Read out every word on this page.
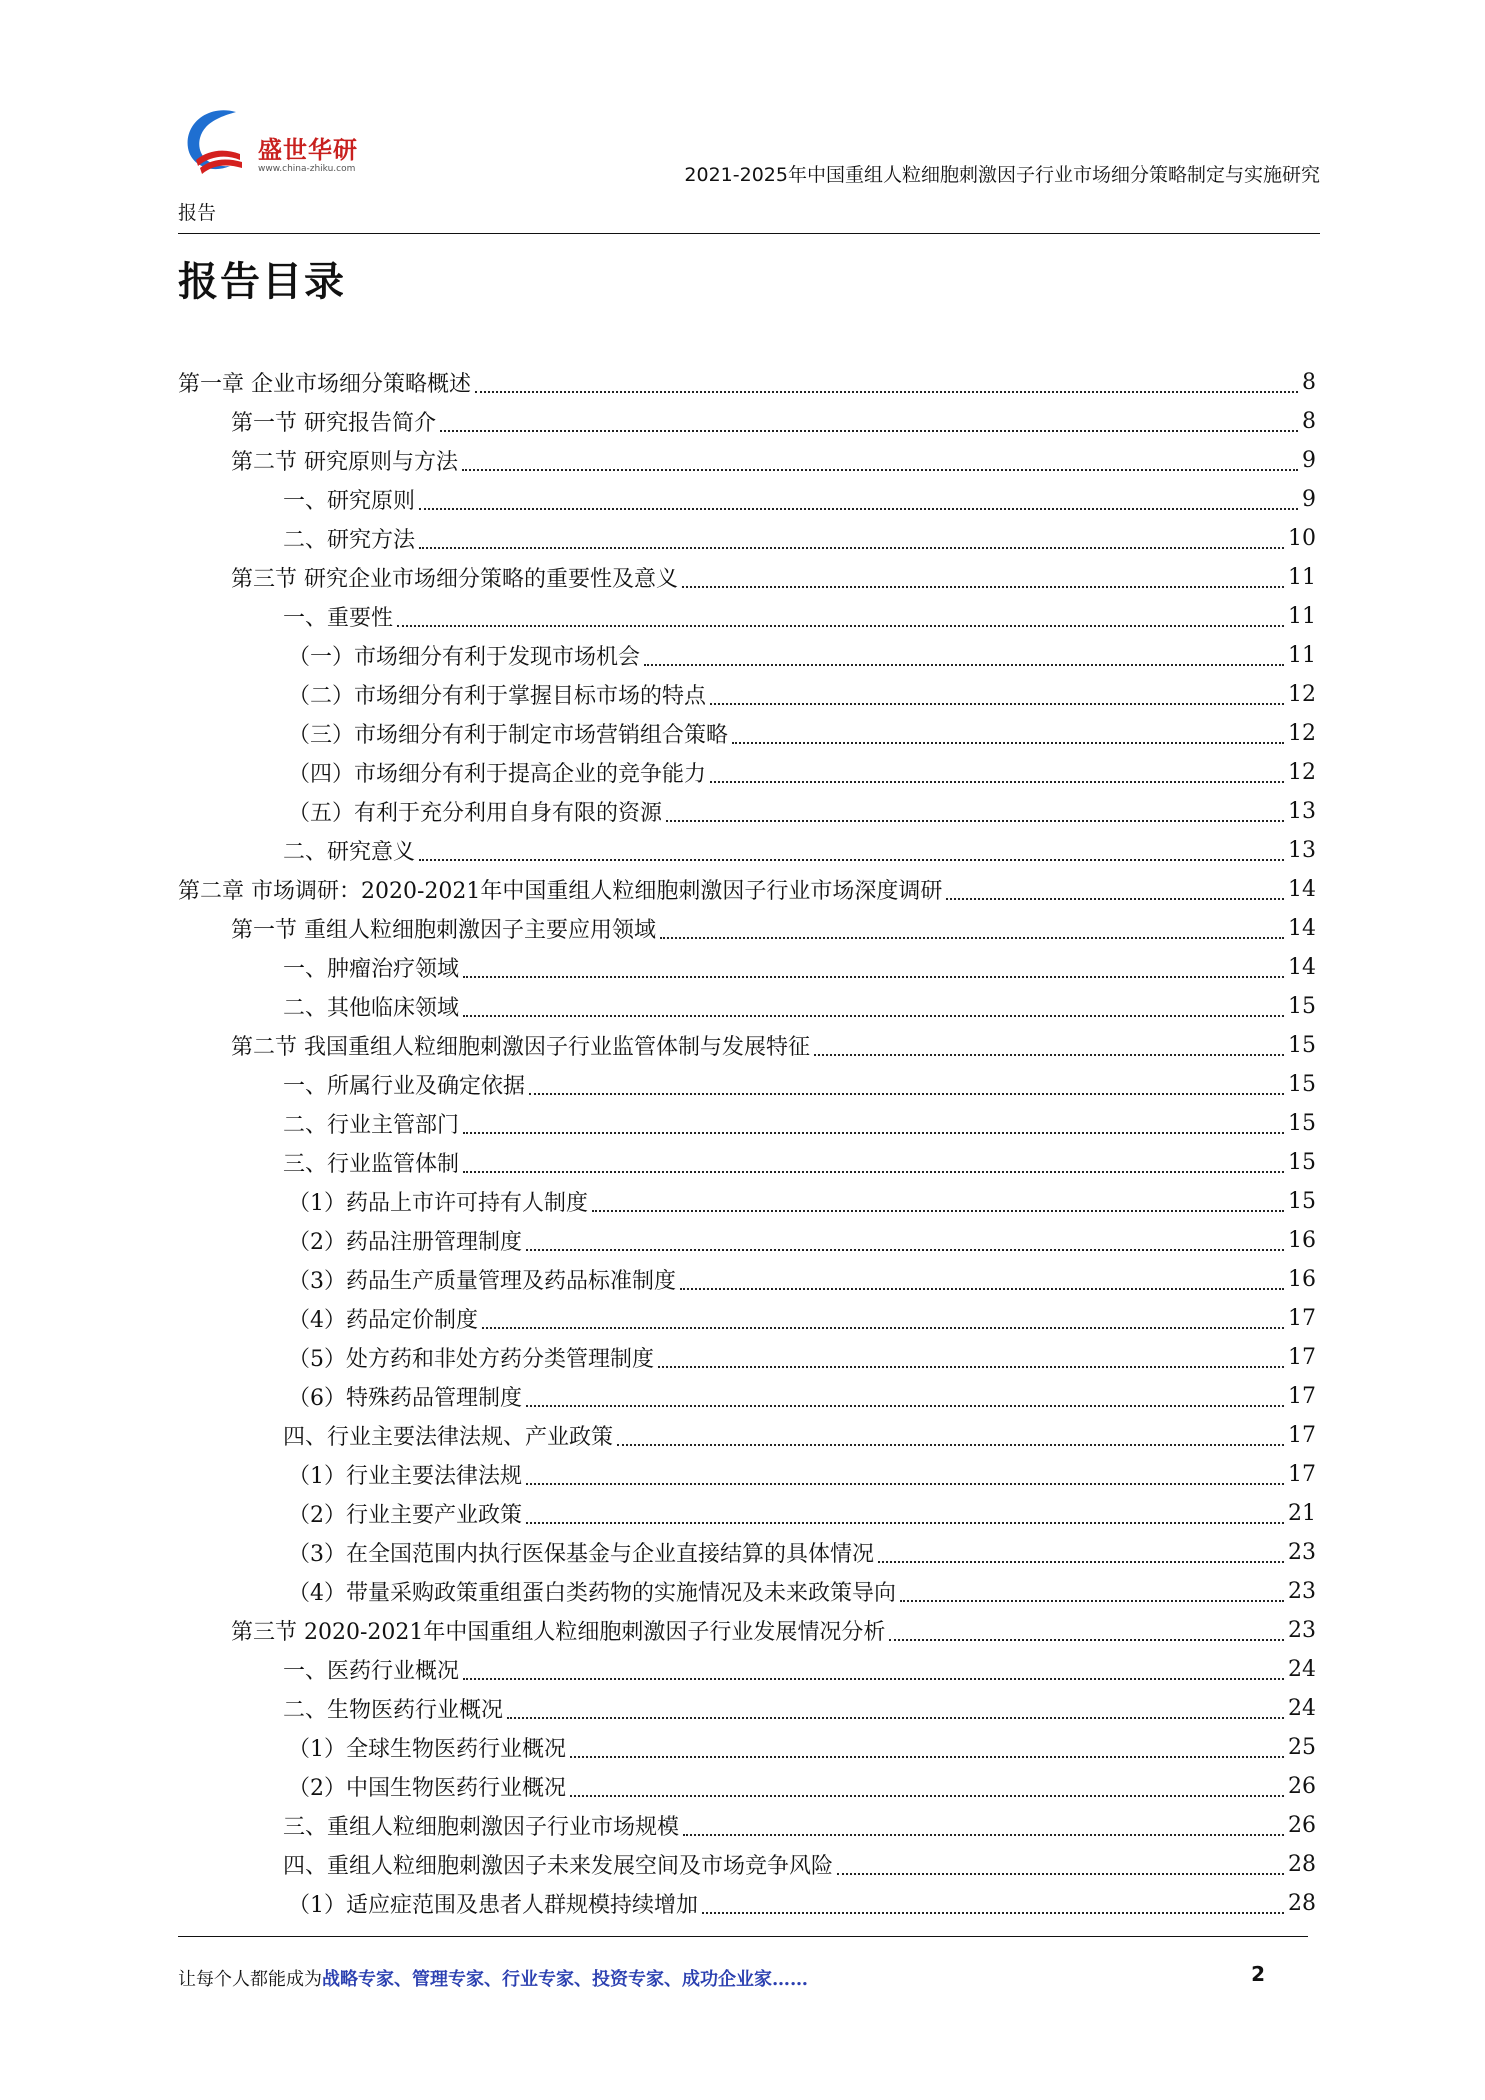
盛世华研
www.china-zhiku.com	2021-2025年中国重组人粒细胞刺激因子行业市场细分策略制定与实施研究
报告
报告目录
第一章 企业市场细分策略概述	8
第一节 研究报告简介	8
第二节 研究原则与方法	9
一、研究原则	9
二、研究方法	10
第三节 研究企业市场细分策略的重要性及意义	11
一、重要性	11
（一）市场细分有利于发现市场机会	11
（二）市场细分有利于掌握目标市场的特点	12
（三）市场细分有利于制定市场营销组合策略	12
（四）市场细分有利于提高企业的竞争能力	12
（五）有利于充分利用自身有限的资源	13
二、研究意义	13
第二章 市场调研：2020-2021年中国重组人粒细胞刺激因子行业市场深度调研	14
第一节 重组人粒细胞刺激因子主要应用领域	14
一、肿瘤治疗领域	14
二、其他临床领域	15
第二节 我国重组人粒细胞刺激因子行业监管体制与发展特征	15
一、所属行业及确定依据	15
二、行业主管部门	15
三、行业监管体制	15
（1）药品上市许可持有人制度	15
（2）药品注册管理制度	16
（3）药品生产质量管理及药品标准制度	16
（4）药品定价制度	17
（5）处方药和非处方药分类管理制度	17
（6）特殊药品管理制度	17
四、行业主要法律法规、产业政策	17
（1）行业主要法律法规	17
（2）行业主要产业政策	21
（3）在全国范围内执行医保基金与企业直接结算的具体情况	23
（4）带量采购政策重组蛋白类药物的实施情况及未来政策导向	23
第三节 2020-2021年中国重组人粒细胞刺激因子行业发展情况分析	23
一、医药行业概况	24
二、生物医药行业概况	24
（1）全球生物医药行业概况	25
（2）中国生物医药行业概况	26
三、重组人粒细胞刺激因子行业市场规模	26
四、重组人粒细胞刺激因子未来发展空间及市场竞争风险	28
（1）适应症范围及患者人群规模持续增加	28
让每个人都能成为战略专家、管理专家、行业专家、投资专家、成功企业家……	2
